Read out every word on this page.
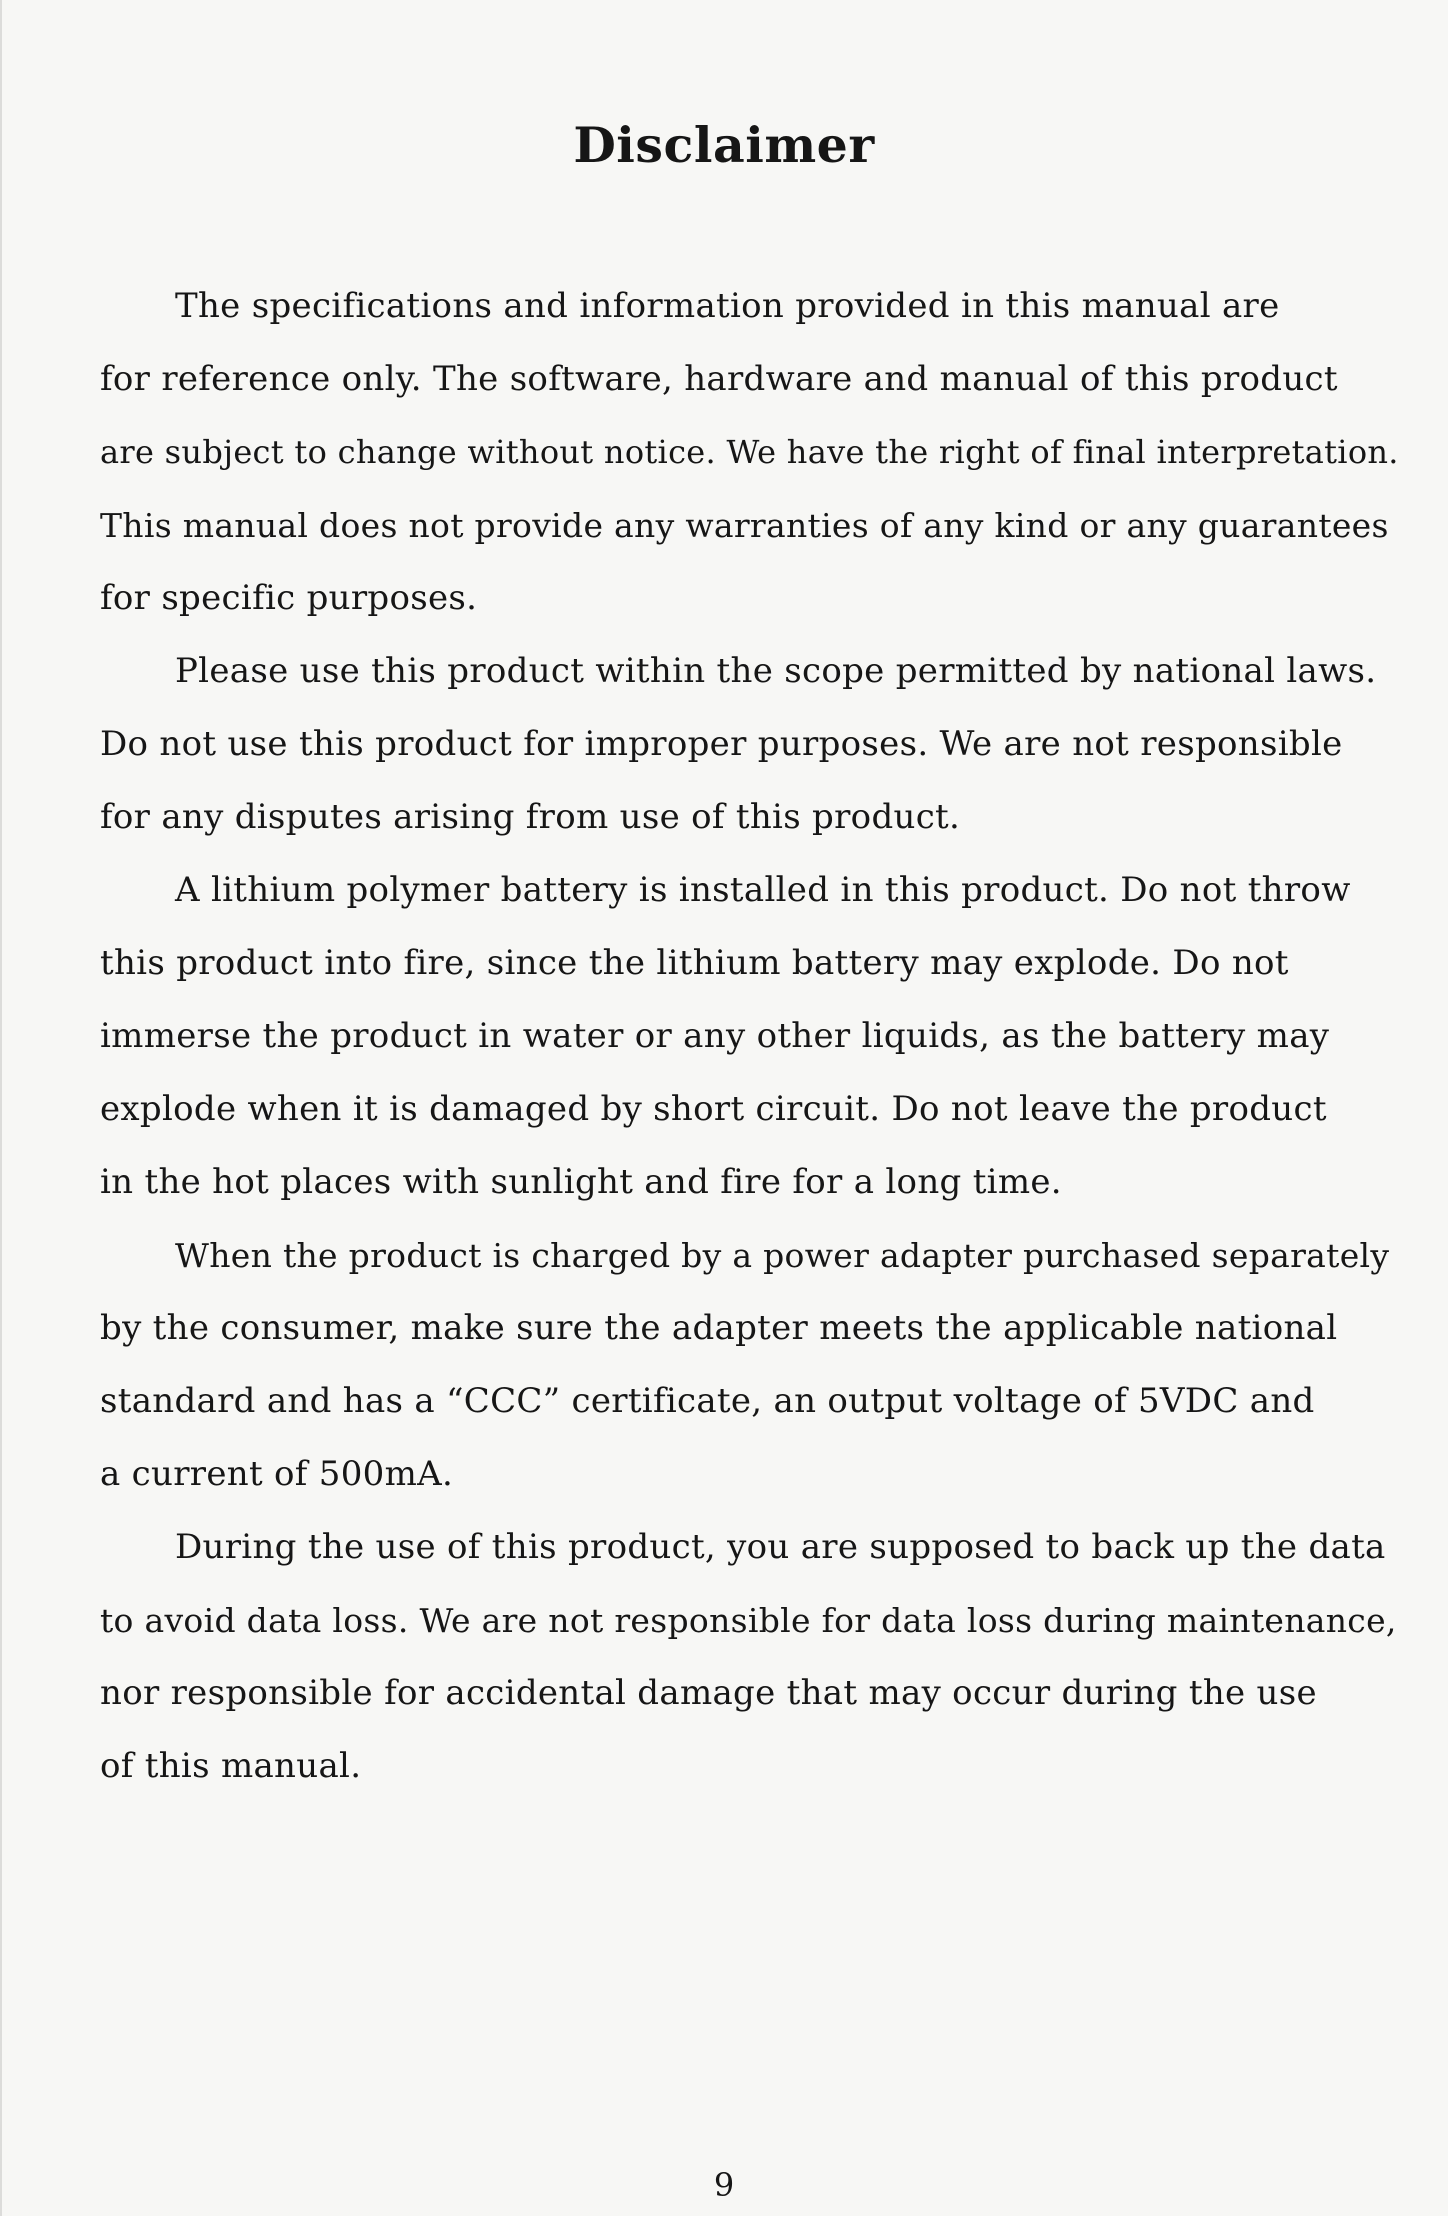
Disclaimer
The specifications and information provided in this manual are
for reference only. The software, hardware and manual of this product
are subject to change without notice. We have the right of final interpretation.
This manual does not provide any warranties of any kind or any guarantees
for specific purposes.
Please use this product within the scope permitted by national laws.
Do not use this product for improper purposes. We are not responsible
for any disputes arising from use of this product.
A lithium polymer battery is installed in this product. Do not throw
this product into fire, since the lithium battery may explode. Do not
immerse the product in water or any other liquids, as the battery may
explode when it is damaged by short circuit. Do not leave the product
in the hot places with sunlight and fire for a long time.
When the product is charged by a power adapter purchased separately
by the consumer, make sure the adapter meets the applicable national
standard and has a “CCC” certificate, an output voltage of 5VDC and
a current of 500mA.
During the use of this product, you are supposed to back up the data
to avoid data loss. We are not responsible for data loss during maintenance,
nor responsible for accidental damage that may occur during the use
of this manual.
9
